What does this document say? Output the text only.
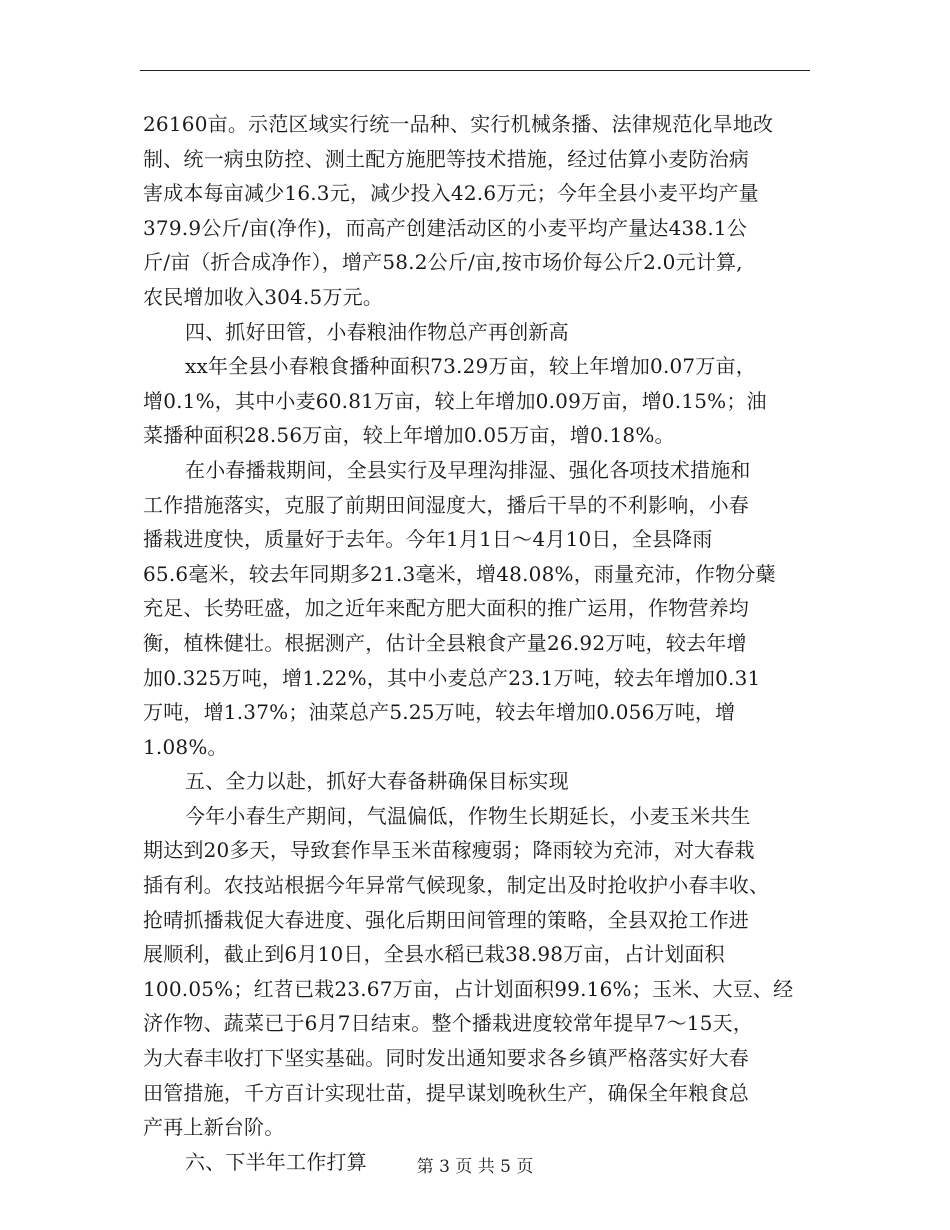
26160亩。示范区域实行统一品种、实行机械条播、法律规范化旱地改
制、统一病虫防控、测土配方施肥等技术措施，经过估算小麦防治病
害成本每亩减少16.3元，减少投入42.6万元；今年全县小麦平均产量
379.9公斤/亩(净作)，而高产创建活动区的小麦平均产量达438.1公
斤/亩（折合成净作），增产58.2公斤/亩,按市场价每公斤2.0元计算,
农民增加收入304.5万元。
四、抓好田管，小春粮油作物总产再创新高
xx年全县小春粮食播种面积73.29万亩，较上年增加0.07万亩，
增0.1%，其中小麦60.81万亩，较上年增加0.09万亩，增0.15%；油
菜播种面积28.56万亩，较上年增加0.05万亩，增0.18%。
在小春播栽期间，全县实行及早理沟排湿、强化各项技术措施和
工作措施落实，克服了前期田间湿度大，播后干旱的不利影响，小春
播栽进度快，质量好于去年。今年1月1日～4月10日，全县降雨
65.6毫米，较去年同期多21.3毫米，增48.08%，雨量充沛，作物分蘖
充足、长势旺盛，加之近年来配方肥大面积的推广运用，作物营养均
衡，植株健壮。根据测产，估计全县粮食产量26.92万吨，较去年增
加0.325万吨，增1.22%，其中小麦总产23.1万吨，较去年增加0.31
万吨，增1.37%；油菜总产5.25万吨，较去年增加0.056万吨，增
1.08%。
五、全力以赴，抓好大春备耕确保目标实现
今年小春生产期间，气温偏低，作物生长期延长，小麦玉米共生
期达到20多天，导致套作旱玉米苗稼瘦弱；降雨较为充沛，对大春栽
插有利。农技站根据今年异常气候现象，制定出及时抢收护小春丰收、
抢晴抓播栽促大春进度、强化后期田间管理的策略，全县双抢工作进
展顺利，截止到6月10日，全县水稻已栽38.98万亩，占计划面积
100.05%；红苕已栽23.67万亩，占计划面积99.16%；玉米、大豆、经
济作物、蔬菜已于6月7日结束。整个播栽进度较常年提早7～15天，
为大春丰收打下坚实基础。同时发出通知要求各乡镇严格落实好大春
田管措施，千方百计实现壮苗，提早谋划晚秋生产，确保全年粮食总
产再上新台阶。
六、下半年工作打算	第 3 页 共 5 页
